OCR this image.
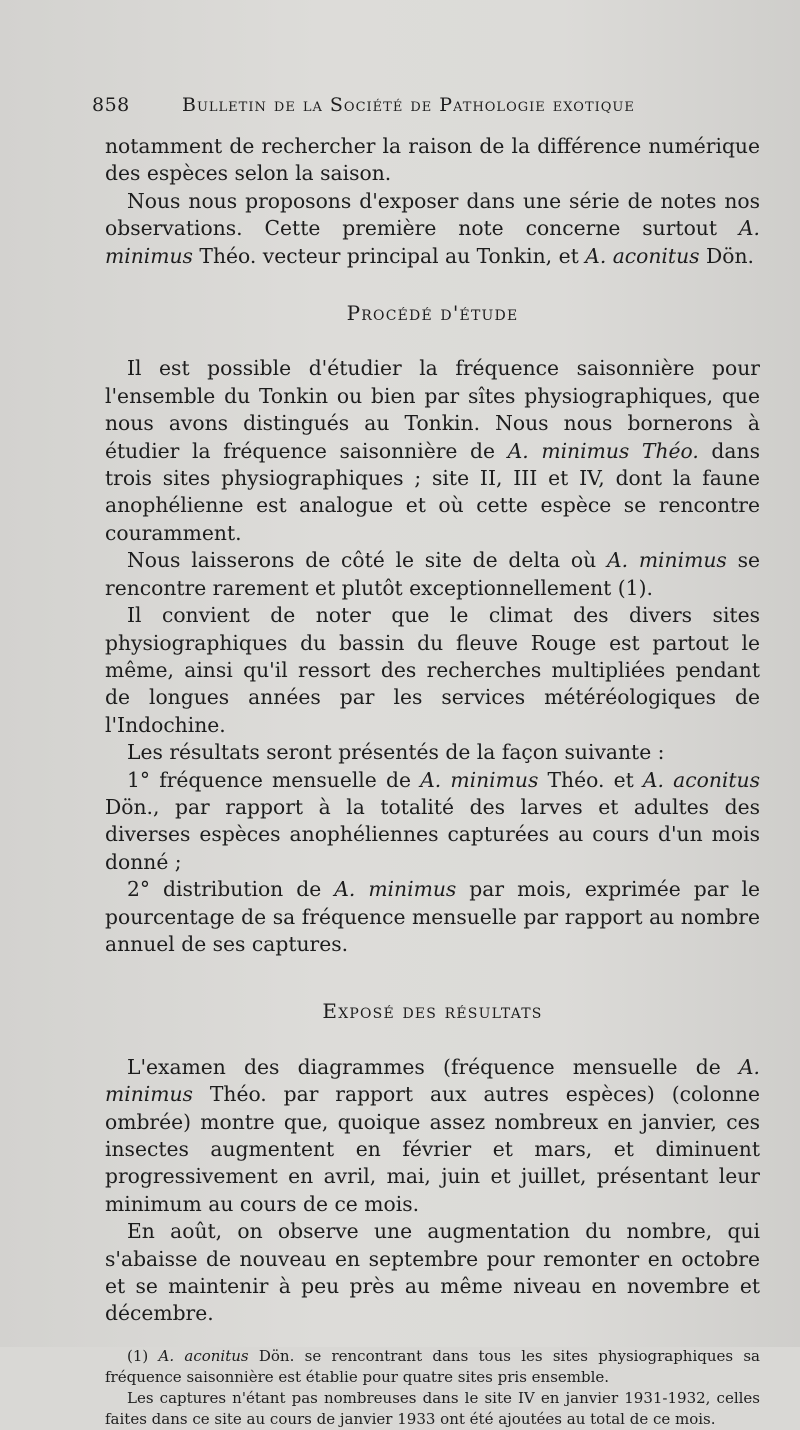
858	Bulletin de la Société de Pathologie exotique

notamment de rechercher la raison de la différence numérique des espèces selon la saison.

Nous nous proposons d'exposer dans une série de notes nos observations. Cette première note concerne surtout A. minimus Théo. vecteur principal au Tonkin, et A. aconitus Dön.

Procédé d'étude

Il est possible d'étudier la fréquence saisonnière pour l'ensemble du Tonkin ou bien par sîtes physiographiques, que nous avons distingués au Tonkin. Nous nous bornerons à étudier la fréquence saisonnière de A. minimus Théo. dans trois sites physiographiques ; site II, III et IV, dont la faune anophélienne est analogue et où cette espèce se rencontre couramment.

Nous laisserons de côté le site de delta où A. minimus se rencontre rarement et plutôt exceptionnellement (1).

Il convient de noter que le climat des divers sites physiographiques du bassin du fleuve Rouge est partout le même, ainsi qu'il ressort des recherches multipliées pendant de longues années par les services météréologiques de l'Indochine.

Les résultats seront présentés de la façon suivante :

1° fréquence mensuelle de A. minimus Théo. et A. aconitus Dön., par rapport à la totalité des larves et adultes des diverses espèces anophéliennes capturées au cours d'un mois donné ;

2° distribution de A. minimus par mois, exprimée par le pourcentage de sa fréquence mensuelle par rapport au nombre annuel de ses captures.

Exposé des résultats

L'examen des diagrammes (fréquence mensuelle de A. minimus Théo. par rapport aux autres espèces) (colonne ombrée) montre que, quoique assez nombreux en janvier, ces insectes augmentent en février et mars, et diminuent progressivement en avril, mai, juin et juillet, présentant leur minimum au cours de ce mois.

En août, on observe une augmentation du nombre, qui s'abaisse de nouveau en septembre pour remonter en octobre et se maintenir à peu près au même niveau en novembre et décembre.

(1) A. aconitus Dön. se rencontrant dans tous les sites physiographiques sa fréquence saisonnière est établie pour quatre sites pris ensemble.

Les captures n'étant pas nombreuses dans le site IV en janvier 1931-1932, celles faites dans ce site au cours de janvier 1933 ont été ajoutées au total de ce mois.
